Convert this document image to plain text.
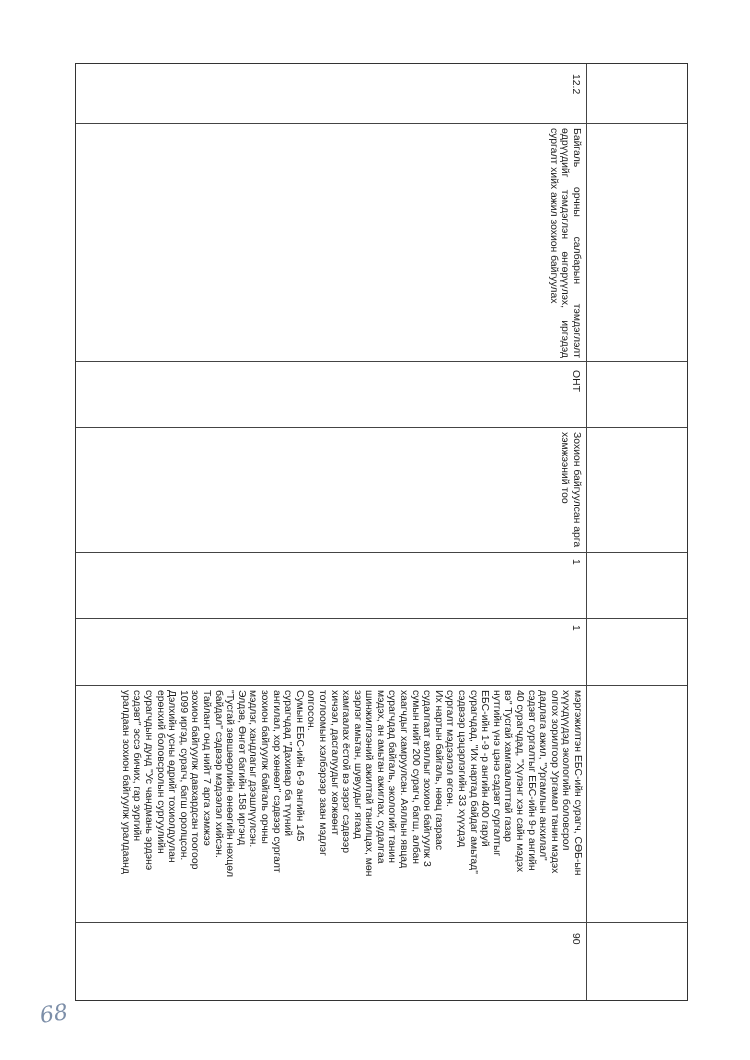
12.2
Байгаль орчны салбарын тэмдэглэлт өдрүүдийг тэмдэглэн өнгөрүүлэх, иргэдэд сургалт хийх ажил зохион байгуулах
ОНТ
Зохион байгуулсан арга хэмжээний тоо
1
1
мэргэжилтэн ЕБС-ийн сурагч, СӨБ-ын
хүүхдүүдэд экологийн боловсрол
олгох зорилгоор Ургамал танин мэдэх
дадлага ажил, "Ургамлын анхилал"
сэдэвт сургалтыг ЕБС-ийн 9-р ангийн
40 сурагчдад, "Хүлэнг хэн сайн мэдэх
вэ" Тусгай хамгаалалттай газар
нутгийн үнэ цэнэ сэдэвт сургалтыг
ЕБС-ийн 1-9 -р ангийн 400 гаруй
сурагчдад, "Их нартад байдаг амьтад"
сэдвээр цэцэрлэгийн 33 хүүхдэд
сургалт мэдээлэл өгсөн.
Их нартын байгаль, нөөц газраас
судалгаат аяллыг зохион байгуулж 3
сумын нийт 200 сурагч, багш, албан
хаагчдыг хамруулсан. Аяллын явцад
сурагчдад байгаль, экологийг танин
мэдэх, ан амьтан ажиглах, судалгаа
шинжилгээний ажилтай танилцах, мөн
зэрлэг амьтан, шувуудыг ягаад
хамгаалах ёстой вэ зэрэг сэдвээр
хичээл, дасгалуудыг хөгжөөнт
тоглоомын хэлбэрээр заан мэдлэг
олгосон.
Сумын ЕБС-ийн 6-9 ангийн 145
сурагчдад "Дахивар ба түүний
ангилал, хор хөнөөл" сэдвээр сургалт
зохион байгуулж байгаль орчны
мэдлэг, хандлагыг дээшлүүлсэн.
Элдэв, Өнгөт багийн 158 иргэнд
"Тусгай зөвшөөрлийн өнөөгийн нөхцөл
байдал" сэдвээр мэдээлэл хийсэн.
Тайлант онд нийт 7 арга хэмжээ
зохион байгуулж давхардсан тоогоор
1099 иргэд, сурагч, багш оролцсон.
Дэлхийн усны өдрийг тохиолдуулан
ерөнхий боловсролын сургуулийн
сурагчдын дунд "Ус чандмань эрдэнэ
сэдэвт" эссэ бичих, гар зургийн
уралдаан зохион байгуулж уралдаанд
90
68
